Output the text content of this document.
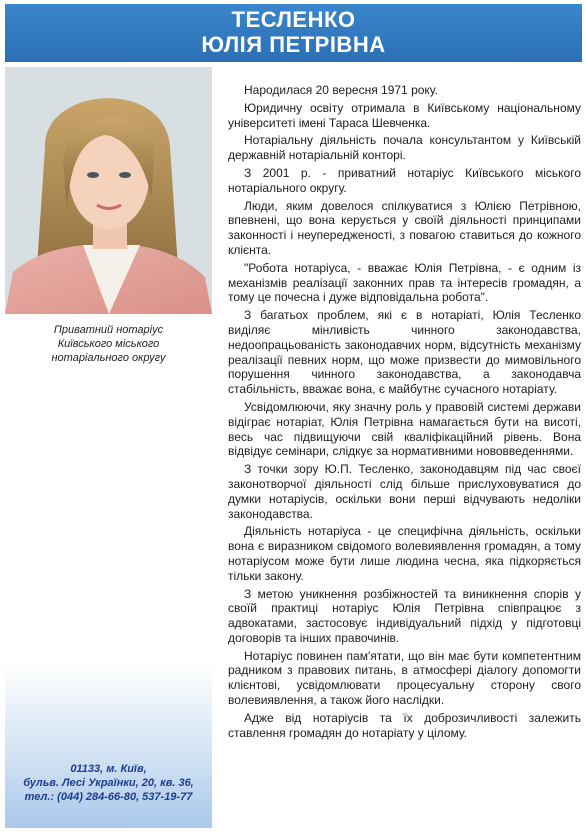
ТЕСЛЕНКО
ЮЛІЯ ПЕТРІВНА
Приватний нотаріус
Київського міського
нотаріального округу
01133, м. Київ,
бульв. Лесі Українки, 20, кв. 36,
тел.: (044) 284-66-80, 537-19-77

Народилася 20 вересня 1971 року.

Юридичну освіту отримала в Київському національному університеті імені Тараса Шевченка.

Нотаріальну діяльність почала консультантом у Київській державній нотаріальній конторі.

З 2001 р. - приватний нотаріус Київського міського нотаріального округу.

Люди, яким довелося спілкуватися з Юлією Петрівною, впевнені, що вона керується у своїй діяльності принципами законності і неупередженості, з повагою ставиться до кожного клієнта.

"Робота нотаріуса, - вважає Юлія Петрівна, - є одним із механізмів реалізації законних прав та інтересів громадян, а тому це почесна і дуже відповідальна робота".

З багатьох проблем, які є в нотаріаті, Юлія Тесленко виділяє мінливість чинного законодавства, недоопрацьованість законодавчих норм, відсутність механізму реалізації певних норм, що може призвести до мимовільного порушення чинного законодавства, а законодавча стабільність, вважає вона, є майбутнє сучасного нотаріату.

Усвідомлюючи, яку значну роль у правовій системі держави відіграє нотаріат, Юлія Петрівна намагається бути на висоті, весь час підвищуючи свій кваліфікаційний рівень. Вона відвідує семінари, слідкує за нормативними нововведеннями.

З точки зору Ю.П. Тесленко, законодавцям під час своєї законотворчої діяльності слід більше прислуховуватися до думки нотаріусів, оскільки вони перші відчувають недоліки законодавства.

Діяльність нотаріуса - це специфічна діяльність, оскільки вона є виразником свідомого волевиявлення громадян, а тому нотаріусом може бути лише людина чесна, яка підкоряється тільки закону.

З метою уникнення розбіжностей та виникнення спорів у своїй практиці нотаріус Юлія Петрівна співпрацює з адвокатами, застосовує індивідуальний підхід у підготовці договорів та інших правочинів.

Нотаріус повинен пам'ятати, що він має бути компетентним радником з правових питань, в атмосфері діалогу допомогти клієнтові, усвідомлювати процесуальну сторону свого волевиявлення, а також його наслідки.

Адже від нотаріусів та їх доброзичливості залежить ставлення громадян до нотаріату у цілому.
